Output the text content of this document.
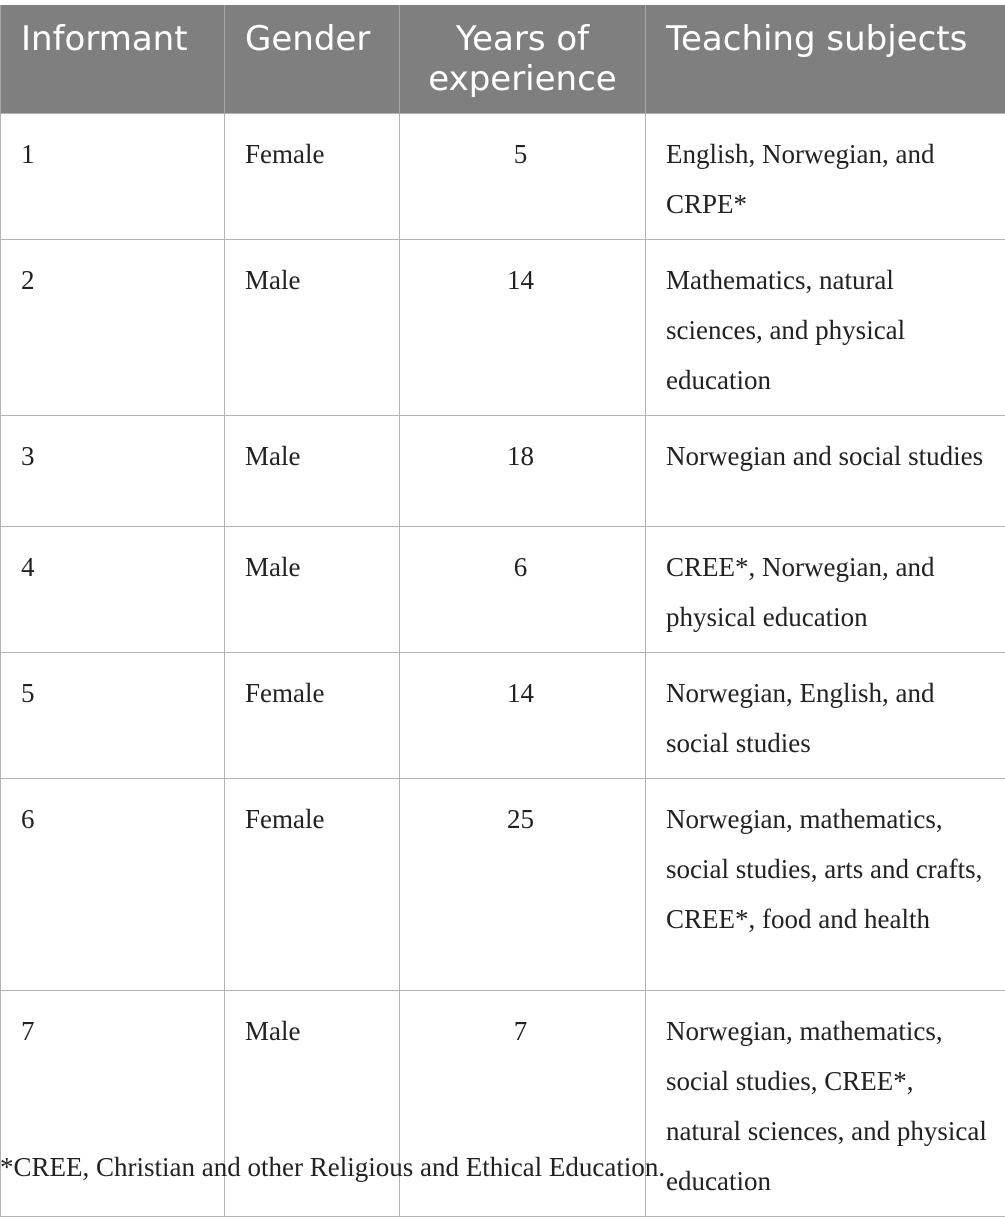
Informant	Gender	Years of experience	Teaching subjects
1	Female	5	English, Norwegian, and CRPE*
2	Male	14	Mathematics, natural sciences, and physical education
3	Male	18	Norwegian and social studies
4	Male	6	CREE*, Norwegian, and physical education
5	Female	14	Norwegian, English, and social studies
6	Female	25	Norwegian, mathematics, social studies, arts and crafts, CREE*, food and health
7	Male	7	Norwegian, mathematics, social studies, CREE*, natural sciences, and physical education

*CREE, Christian and other Religious and Ethical Education.
